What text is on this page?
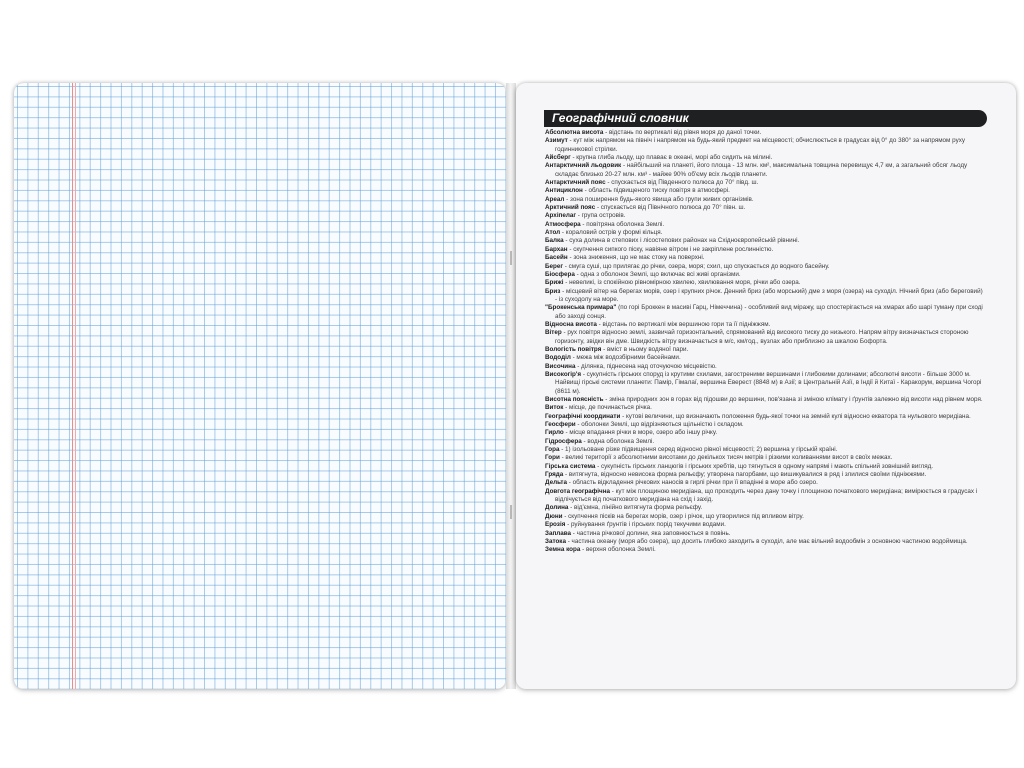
Географічний словник

Абсолютна висота - відстань по вертикалі від рівня моря до даної точки.

Азимут - кут між напрямом на північ і напрямом на будь-який предмет на місцевості; обчислюється в градусах від 0° до 380° за напрямом руху годинникової стрілки.

Айсберг - крупна глиба льоду, що плаває в океані, морі або сидить на мілині.

Антарктичний льодовик - найбільший на планеті, його площа - 13 млн. км², максимальна товщина перевищує 4,7 км, а загальний обсяг льоду складає близько 20-27 млн. км³ - майже 90% об'єму всіх льодів планети.

Антарктичний пояс - спускається від Південного полюса до 70° півд. ш.

Антициклон - область підвищеного тиску повітря в атмосфері.

Ареал - зона поширення будь-якого явища або групи живих організмів.

Арктичний пояс - спускається від Північного полюса до 70° півн. ш.

Архіпелаг - група островів.

Атмосфера - повітряна оболонка Землі.

Атол - кораловий острів у формі кільця.

Балка - суха долина в степових і лісостепових районах на Східноєвропейській рівнині.

Бархан - скупчення сипкого піску, навіяне вітром і не закріплене рослинністю.

Басейн - зона зниження, що не має стоку на поверхні.

Берег - смуга суші, що прилягає до річки, озера, моря; схил, що спускається до водного басейну.

Біосфера - одна з оболонок Землі, що включає всі живі організми.

Брижі - невеликі, із спокійною рівномірною хвилею, хвилювання моря, річки або озера.

Бриз - місцевий вітер на берегах морів, озер і крупних річок. Денний бриз (або морський) дме з моря (озера) на суходіл. Нічний бриз (або береговий) - із суходолу на море.

"Брокенська примара" (по горі Броккен в масиві Гарц, Німеччина) - особливий вид міражу, що спостерігається на хмарах або шарі туману при сході або заході сонця.

Відносна висота - відстань по вертикалі між вершиною гори та її підніжжям.

Вітер - рух повітря відносно землі, зазвичай горизонтальний, спрямований від високого тиску до низького. Напрям вітру визначається стороною горизонту, звідки він дме. Швидкість вітру визначається в м/с, км/год., вузлах або приблизно за шкалою Бофорта.

Вологість повітря - вміст в ньому водяної пари.

Вододіл - межа між водозбірними басейнами.

Височина - ділянка, піднесена над оточуючою місцевістю.

Високогір'я - сукупність гірських споруд із крутими схилами, загостреними вершинами і глибокими долинами; абсолютні висоти - більше 3000 м. Найвищі гірські системи планети: Памір, Гімалаї, вершина Еверест (8848 м) в Азії; в Центральній Азії, в Індії й Китаї - Каракорум, вершина Чогорі (8611 м).

Висотна поясність - зміна природних зон в горах від підошви до вершини, пов'язана зі зміною клімату і ґрунтів залежно від висоти над рівнем моря.

Виток - місце, де починається річка.

Географічні координати - кутові величини, що визначають положення будь-якої точки на земній кулі відносно екватора та нульового меридіана.

Геосфери - оболонки Землі, що відрізняються щільністю і складом.

Гирло - місце впадання річки в море, озеро або іншу річку.

Гідросфера - водна оболонка Землі.

Гора - 1) ізольоване різке підвищення серед відносно рівної місцевості; 2) вершина у гірській країні.

Гори - великі території з абсолютними висотами до декількох тисяч метрів і різкими коливаннями висот в своїх межах.

Гірська система - сукупність гірських ланцюгів і гірських хребтів, що тягнуться в одному напрямі і мають спільний зовнішній вигляд.

Гряда - витягнута, відносно невисока форма рельєфу; утворена пагорбами, що вишикувалися в ряд і злилися своїми підніжжями.

Дельта - область відкладення річкових наносів в гирлі річки при її впадінні в море або озеро.

Довгота географічна - кут між площиною меридіана, що проходить через дану точку і площиною початкового меридіана; вимірюється в градусах і відлічується від початкового меридіана на схід і захід.

Долина - від'ємна, лінійно витягнута форма рельєфу.

Дюни - скупчення пісків на берегах морів, озер і річок, що утворилися під впливом вітру.

Ерозія - руйнування ґрунтів і гірських порід текучими водами.

Заплава - частина річкової долини, яка заповнюється в повінь.

Затока - частина океану (моря або озера), що досить глибоко заходить в суходіл, але має вільний водообмін з основною частиною водоймища.

Земна кора - верхня оболонка Землі.
